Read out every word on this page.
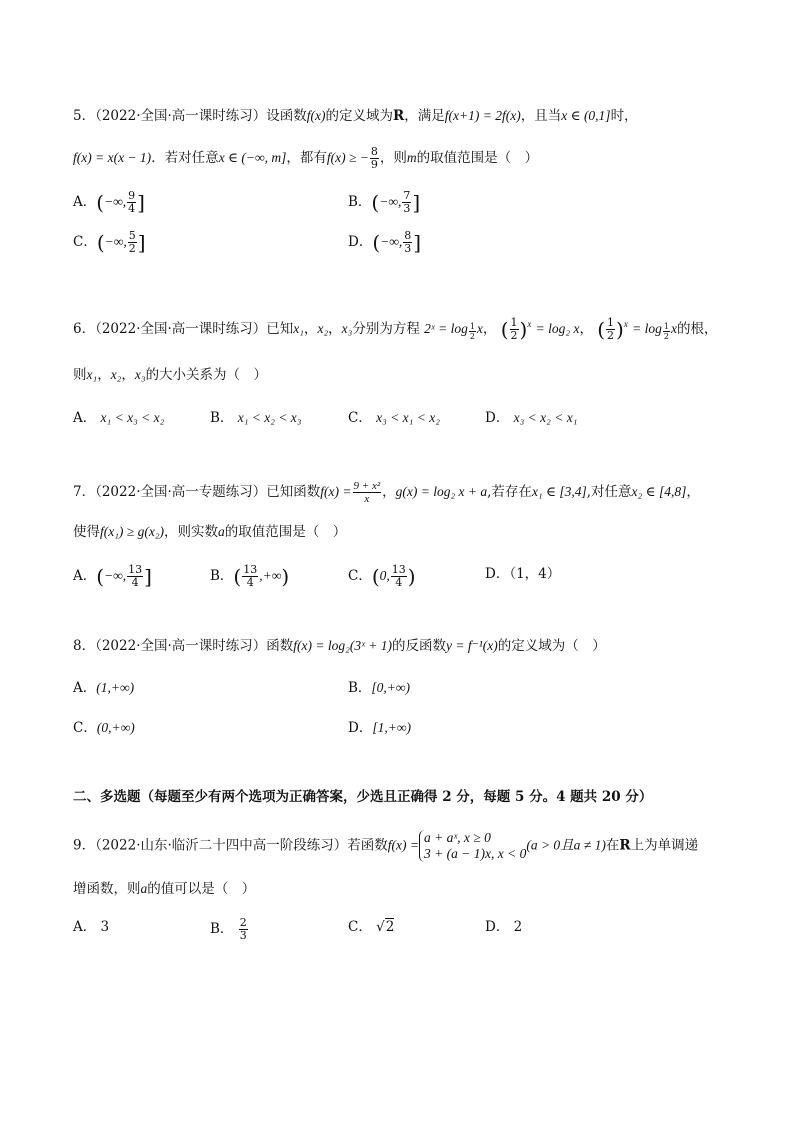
5．（2022·全国·高一课时练习）设函数f(x)的定义域为R，满足f(x+1) = 2f(x)，且当x ∈ (0,1]时，
f(x) = x(x − 1)．若对任意x ∈ (−∞, m]，都有f(x) ≥ − $\frac{8}{9}$ ，则m的取值范围是（　）
A．(−∞, $\frac{9}{4}$ ]	B．(−∞, $\frac{7}{3}$ ]
C．(−∞, $\frac{5}{2}$ ]	D．(−∞, $\frac{8}{3}$ ]
6．（2022·全国·高一课时练习）已知x₁，x₂，x₃分别为方程 2ˣ = $\log \frac{1}{2}$ x， ( $\frac{1}{2} )^x = \log_2$ x， ( $\frac{1}{2} )^x = \log \frac{1}{2}$ x的根，
则x₁，x₂，x₃的大小关系为（　）
A． x₁ < x₃ < x₂	B． x₁ < x₂ < x₃	C． x₃ < x₁ < x₂	D． x₃ < x₂ < x₁
7．（2022·全国·高一专题练习）已知函数$f(x) = \frac{\text{9 + x²}}{x}$ ，g(x) = log₂ x + a,若存在x₁ ∈ [3,4],对任意x₂ ∈ [4,8]，
使得f(x₁) ≥ g(x₂)，则实数a的取值范围是（　）
A．(−∞, $\frac{13}{4}$ ]	B．( $\frac{13}{4}$ ,+∞)	C．(0, $\frac{13}{4}$ )	D．（1，4）
8．（2022·全国·高一课时练习）函数f(x) = log₂(3ˣ + 1)的反函数y = f⁻¹(x)的定义域为（　）
A．(1,+∞)	B．[0,+∞)
C．(0,+∞)	D．[1,+∞)
二、多选题（每题至少有两个选项为正确答案，少选且正确得 2 分，每题 5 分。4 题共 20 分）
9．（2022·山东·临沂二十四中高一阶段练习）若函数f(x) = a + aˣ, x ≥ 0
3 + (a − 1)x, x < 0
(a > 0且a ≠ 1)在R上为单调递
增函数，则a的值可以是（　）
A． 3	B． $\frac{2}{3}$	C． √2	D． 2
